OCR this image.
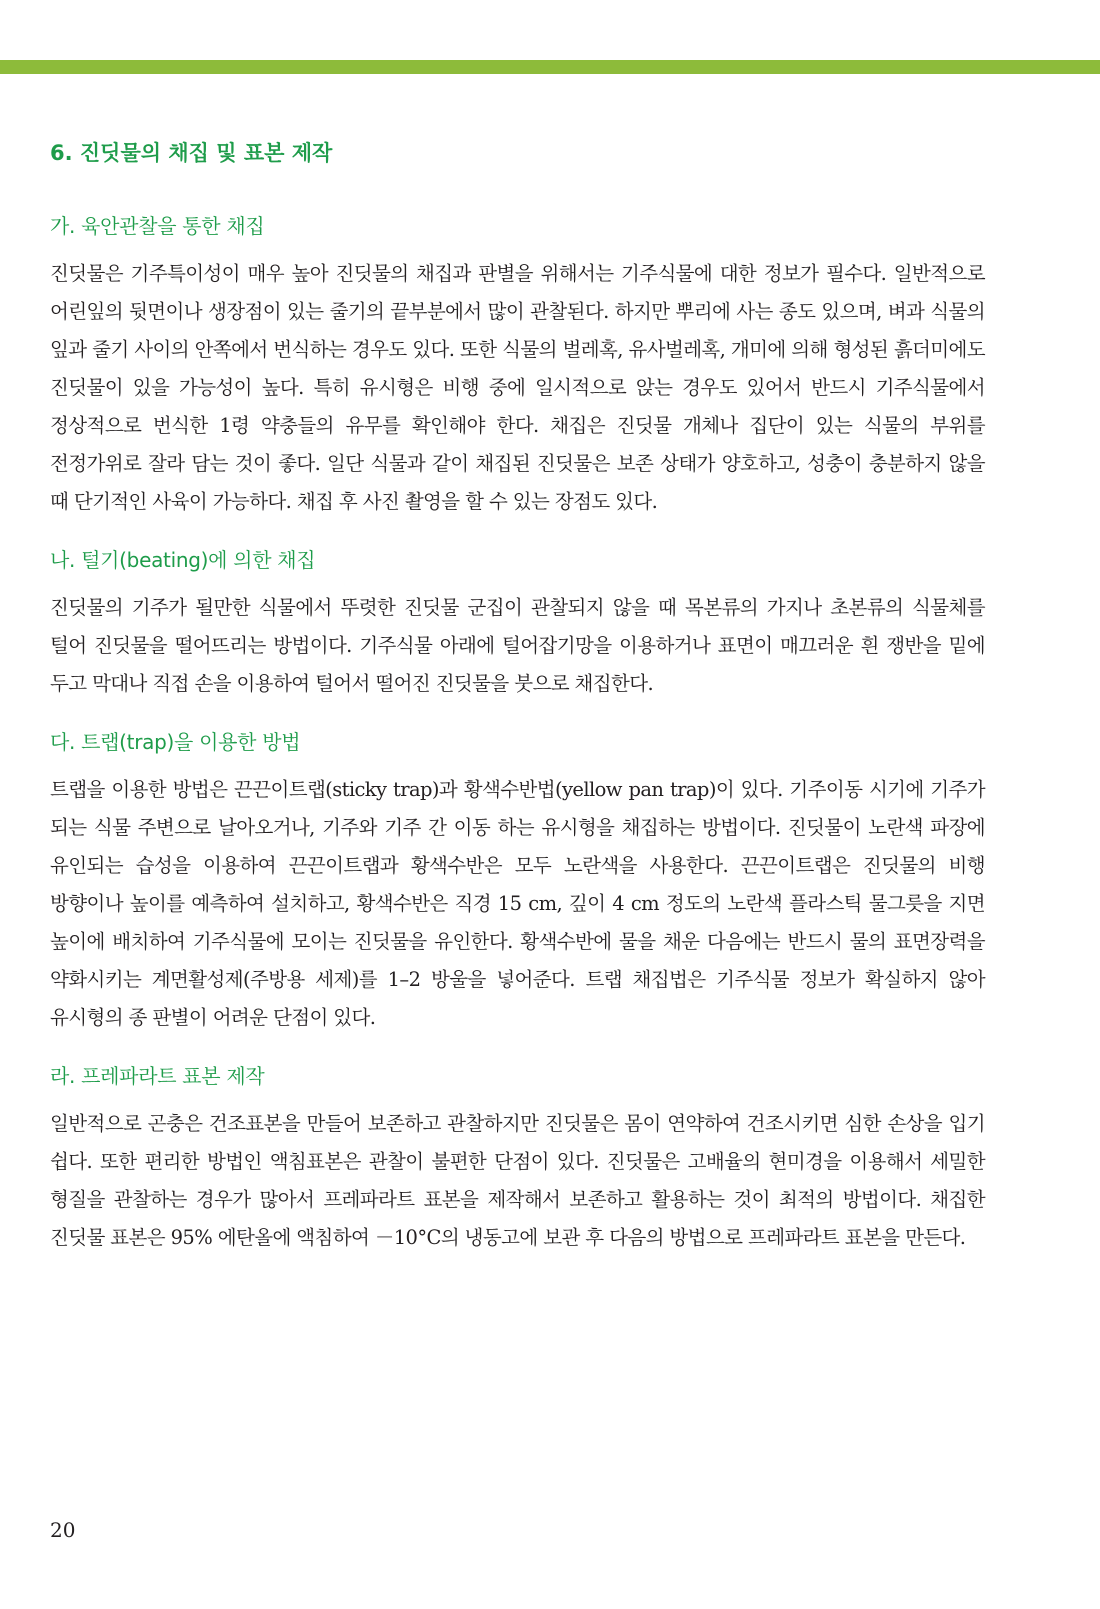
6. 진딧물의 채집 및 표본 제작
가. 육안관찰을 통한 채집

진딧물은 기주특이성이 매우 높아 진딧물의 채집과 판별을 위해서는 기주식물에 대한 정보가 필수다. 일반적으로 어린잎의 뒷면이나 생장점이 있는 줄기의 끝부분에서 많이 관찰된다. 하지만 뿌리에 사는 종도 있으며, 벼과 식물의 잎과 줄기 사이의 안쪽에서 번식하는 경우도 있다. 또한 식물의 벌레혹, 유사벌레혹, 개미에 의해 형성된 흙더미에도 진딧물이 있을 가능성이 높다. 특히 유시형은 비행 중에 일시적으로 앉는 경우도 있어서 반드시 기주식물에서 정상적으로 번식한 1령 약충들의 유무를 확인해야 한다. 채집은 진딧물 개체나 집단이 있는 식물의 부위를 전정가위로 잘라 담는 것이 좋다. 일단 식물과 같이 채집된 진딧물은 보존 상태가 양호하고, 성충이 충분하지 않을 때 단기적인 사육이 가능하다. 채집 후 사진 촬영을 할 수 있는 장점도 있다.

나. 털기(beating)에 의한 채집

진딧물의 기주가 될만한 식물에서 뚜렷한 진딧물 군집이 관찰되지 않을 때 목본류의 가지나 초본류의 식물체를 털어 진딧물을 떨어뜨리는 방법이다. 기주식물 아래에 털어잡기망을 이용하거나 표면이 매끄러운 흰 쟁반을 밑에 두고 막대나 직접 손을 이용하여 털어서 떨어진 진딧물을 붓으로 채집한다.

다. 트랩(trap)을 이용한 방법

트랩을 이용한 방법은 끈끈이트랩(sticky trap)과 황색수반법(yellow pan trap)이 있다. 기주이동 시기에 기주가 되는 식물 주변으로 날아오거나, 기주와 기주 간 이동 하는 유시형을 채집하는 방법이다. 진딧물이 노란색 파장에 유인되는 습성을 이용하여 끈끈이트랩과 황색수반은 모두 노란색을 사용한다. 끈끈이트랩은 진딧물의 비행 방향이나 높이를 예측하여 설치하고, 황색수반은 직경 15 cm, 깊이 4 cm 정도의 노란색 플라스틱 물그릇을 지면 높이에 배치하여 기주식물에 모이는 진딧물을 유인한다. 황색수반에 물을 채운 다음에는 반드시 물의 표면장력을 약화시키는 계면활성제(주방용 세제)를 1–2 방울을 넣어준다. 트랩 채집법은 기주식물 정보가 확실하지 않아 유시형의 종 판별이 어려운 단점이 있다.

라. 프레파라트 표본 제작

일반적으로 곤충은 건조표본을 만들어 보존하고 관찰하지만 진딧물은 몸이 연약하여 건조시키면 심한 손상을 입기 쉽다. 또한 편리한 방법인 액침표본은 관찰이 불편한 단점이 있다. 진딧물은 고배율의 현미경을 이용해서 세밀한 형질을 관찰하는 경우가 많아서 프레파라트 표본을 제작해서 보존하고 활용하는 것이 최적의 방법이다. 채집한 진딧물 표본은 95% 에탄올에 액침하여 －10°C의 냉동고에 보관 후 다음의 방법으로 프레파라트 표본을 만든다.

20
